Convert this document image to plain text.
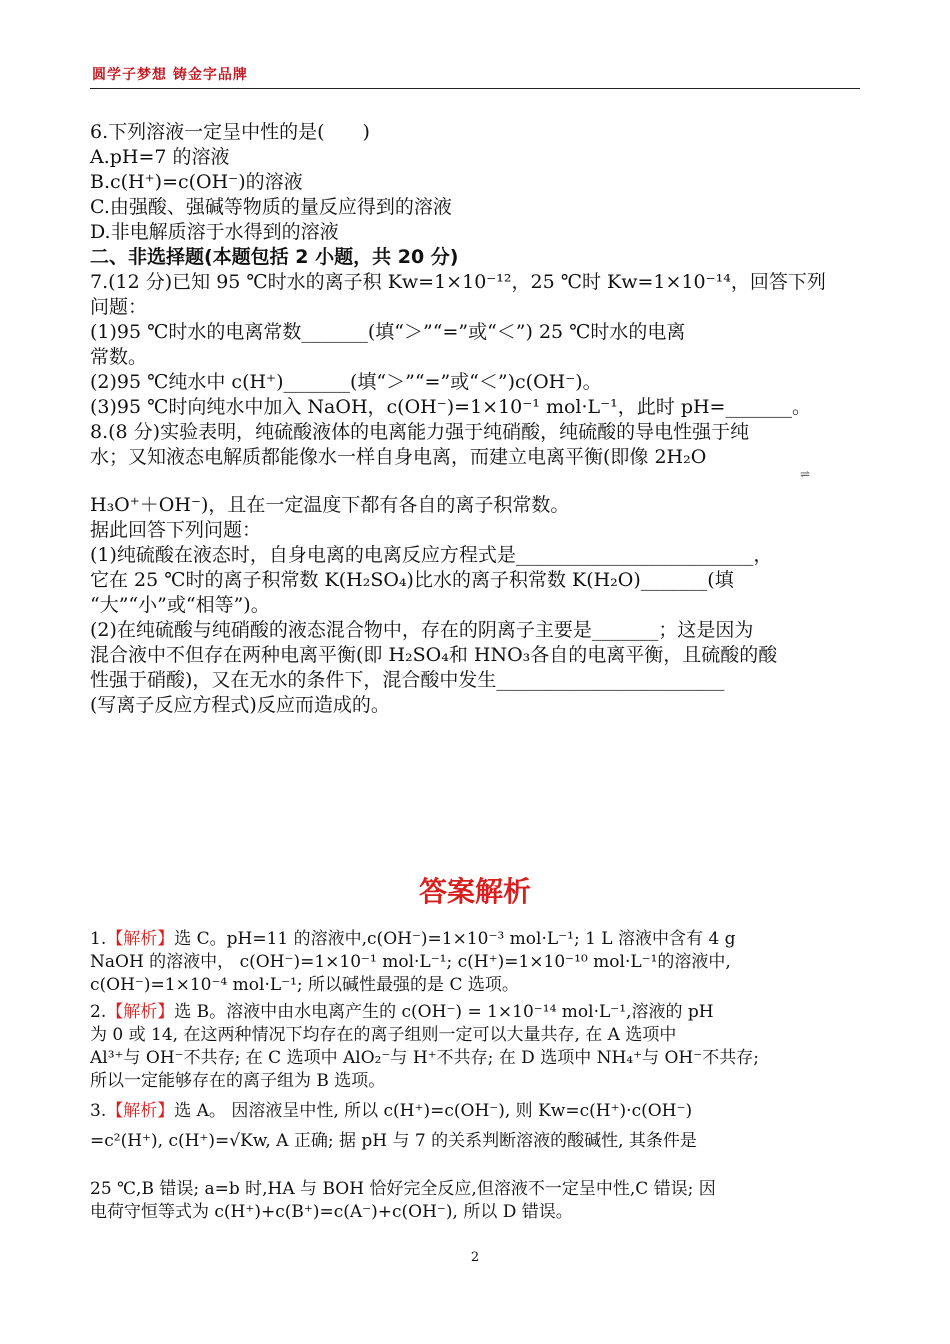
圆学子梦想 铸金字品牌
6.下列溶液一定呈中性的是(　　)
A.pH=7 的溶液
B.c(H⁺)=c(OH⁻)的溶液
C.由强酸、强碱等物质的量反应得到的溶液
D.非电解质溶于水得到的溶液
二、非选择题(本题包括 2 小题，共 20 分)
7.(12 分)已知 95 ℃时水的离子积 Kw=1×10⁻¹²，25 ℃时 Kw=1×10⁻¹⁴，回答下列
问题：
(1)95 ℃时水的电离常数_______(填“＞”“=”或“＜”) 25 ℃时水的电离
常数。
(2)95 ℃纯水中 c(H⁺)_______(填“＞”“=”或“＜”)c(OH⁻)。
(3)95 ℃时向纯水中加入 NaOH，c(OH⁻)=1×10⁻¹ mol·L⁻¹，此时 pH=_______。
8.(8 分)实验表明，纯硫酸液体的电离能力强于纯硝酸，纯硫酸的导电性强于纯
水；又知液态电解质都能像水一样自身电离，而建立电离平衡(即像 2H₂O
⇌
H₃O⁺＋OH⁻)，且在一定温度下都有各自的离子积常数。
据此回答下列问题：
(1)纯硫酸在液态时，自身电离的电离反应方程式是_________________________，
它在 25 ℃时的离子积常数 K(H₂SO₄)比水的离子积常数 K(H₂O)_______(填
“大”“小”或“相等”)。
(2)在纯硫酸与纯硝酸的液态混合物中，存在的阴离子主要是_______；这是因为
混合液中不但存在两种电离平衡(即 H₂SO₄和 HNO₃各自的电离平衡，且硫酸的酸
性强于硝酸)，又在无水的条件下，混合酸中发生________________________
(写离子反应方程式)反应而造成的。
答案解析
1.【解析】选 C。pH=11 的溶液中,c(OH⁻)=1×10⁻³ mol·L⁻¹; 1 L 溶液中含有 4 g
NaOH 的溶液中， c(OH⁻)=1×10⁻¹ mol·L⁻¹; c(H⁺)=1×10⁻¹⁰ mol·L⁻¹的溶液中,
c(OH⁻)=1×10⁻⁴ mol·L⁻¹; 所以碱性最强的是 C 选项。
2.【解析】选 B。溶液中由水电离产生的 c(OH⁻) = 1×10⁻¹⁴ mol·L⁻¹,溶液的 pH
为 0 或 14, 在这两种情况下均存在的离子组则一定可以大量共存, 在 A 选项中
Al³⁺与 OH⁻不共存; 在 C 选项中 AlO₂⁻与 H⁺不共存; 在 D 选项中 NH₄⁺与 OH⁻不共存;
所以一定能够存在的离子组为 B 选项。
3.【解析】选 A。 因溶液呈中性, 所以 c(H⁺)=c(OH⁻), 则 Kw=c(H⁺)·c(OH⁻)
=c²(H⁺), c(H⁺)=√Kw, A 正确; 据 pH 与 7 的关系判断溶液的酸碱性, 其条件是
25 ℃,B 错误; a=b 时,HA 与 BOH 恰好完全反应,但溶液不一定呈中性,C 错误; 因
电荷守恒等式为 c(H⁺)+c(B⁺)=c(A⁻)+c(OH⁻), 所以 D 错误。
2
